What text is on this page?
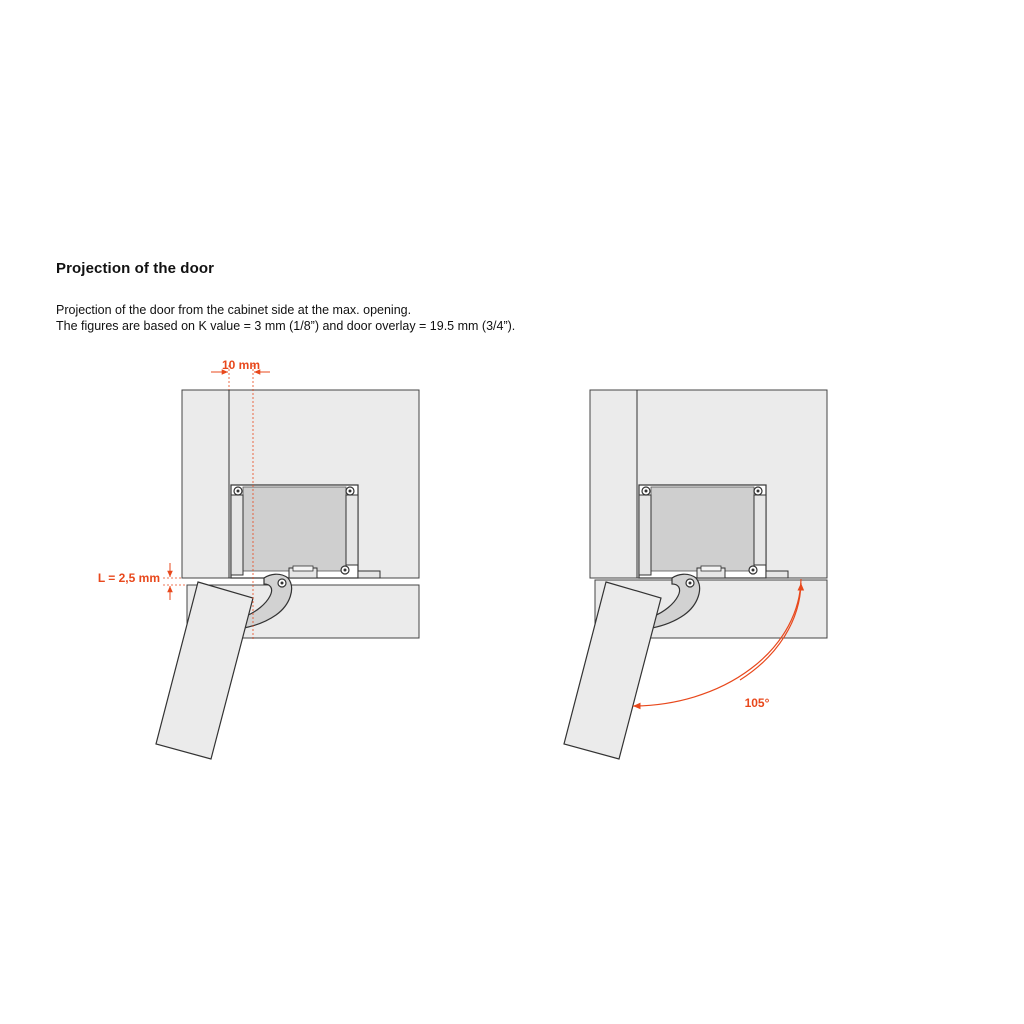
Projection of the door

Projection of the door from the cabinet side at the max. opening.

The figures are based on K value = 3 mm (1/8”) and door overlay = 19.5 mm (3/4”).

10 mm
L = 2,5 mm
105°
